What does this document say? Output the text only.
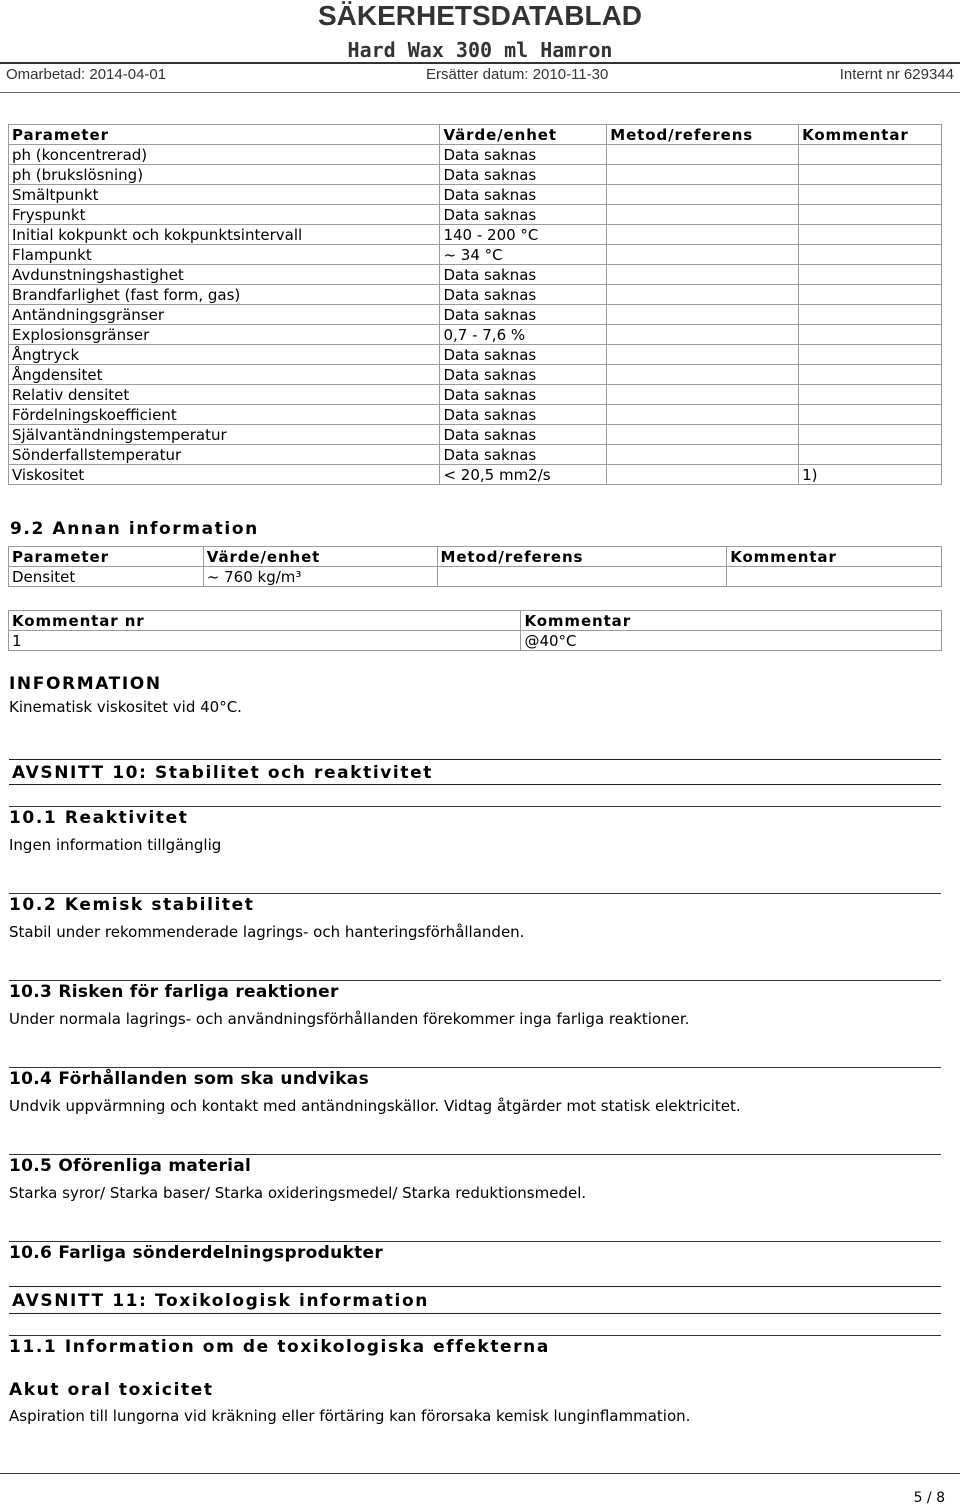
SÄKERHETSDATABLAD
Hard Wax 300 ml Hamron
Omarbetad: 2014-04-01	Ersätter datum: 2010-11-30	Internt nr 629344
Parameter	Värde/enhet	Metod/referens	Kommentar
ph (koncentrerad)	Data saknas		
ph (brukslösning)	Data saknas		
Smältpunkt	Data saknas		
Fryspunkt	Data saknas		
Initial kokpunkt och kokpunktsintervall	140 - 200 °C		
Flampunkt	~ 34 °C		
Avdunstningshastighet	Data saknas		
Brandfarlighet (fast form, gas)	Data saknas		
Antändningsgränser	Data saknas		
Explosionsgränser	0,7 - 7,6 %		
Ångtryck	Data saknas		
Ångdensitet	Data saknas		
Relativ densitet	Data saknas		
Fördelningskoefficient	Data saknas		
Självantändningstemperatur	Data saknas		
Sönderfallstemperatur	Data saknas		
Viskositet	< 20,5 mm2/s		1)
9.2 Annan information
Parameter	Värde/enhet	Metod/referens	Kommentar
Densitet	~ 760 kg/m³		
Kommentar nr	Kommentar
1	@40°C
INFORMATION
Kinematisk viskositet vid 40°C.
AVSNITT 10: Stabilitet och reaktivitet
10.1 Reaktivitet
Ingen information tillgänglig
10.2 Kemisk stabilitet
Stabil under rekommenderade lagrings- och hanteringsförhållanden.
10.3 Risken för farliga reaktioner
Under normala lagrings- och användningsförhållanden förekommer inga farliga reaktioner.
10.4 Förhållanden som ska undvikas
Undvik uppvärmning och kontakt med antändningskällor. Vidtag åtgärder mot statisk elektricitet.
10.5 Oförenliga material
Starka syror/ Starka baser/ Starka oxideringsmedel/ Starka reduktionsmedel.
10.6 Farliga sönderdelningsprodukter
AVSNITT 11: Toxikologisk information
11.1 Information om de toxikologiska effekterna
Akut oral toxicitet
Aspiration till lungorna vid kräkning eller förtäring kan förorsaka kemisk lunginflammation.
5 / 8
